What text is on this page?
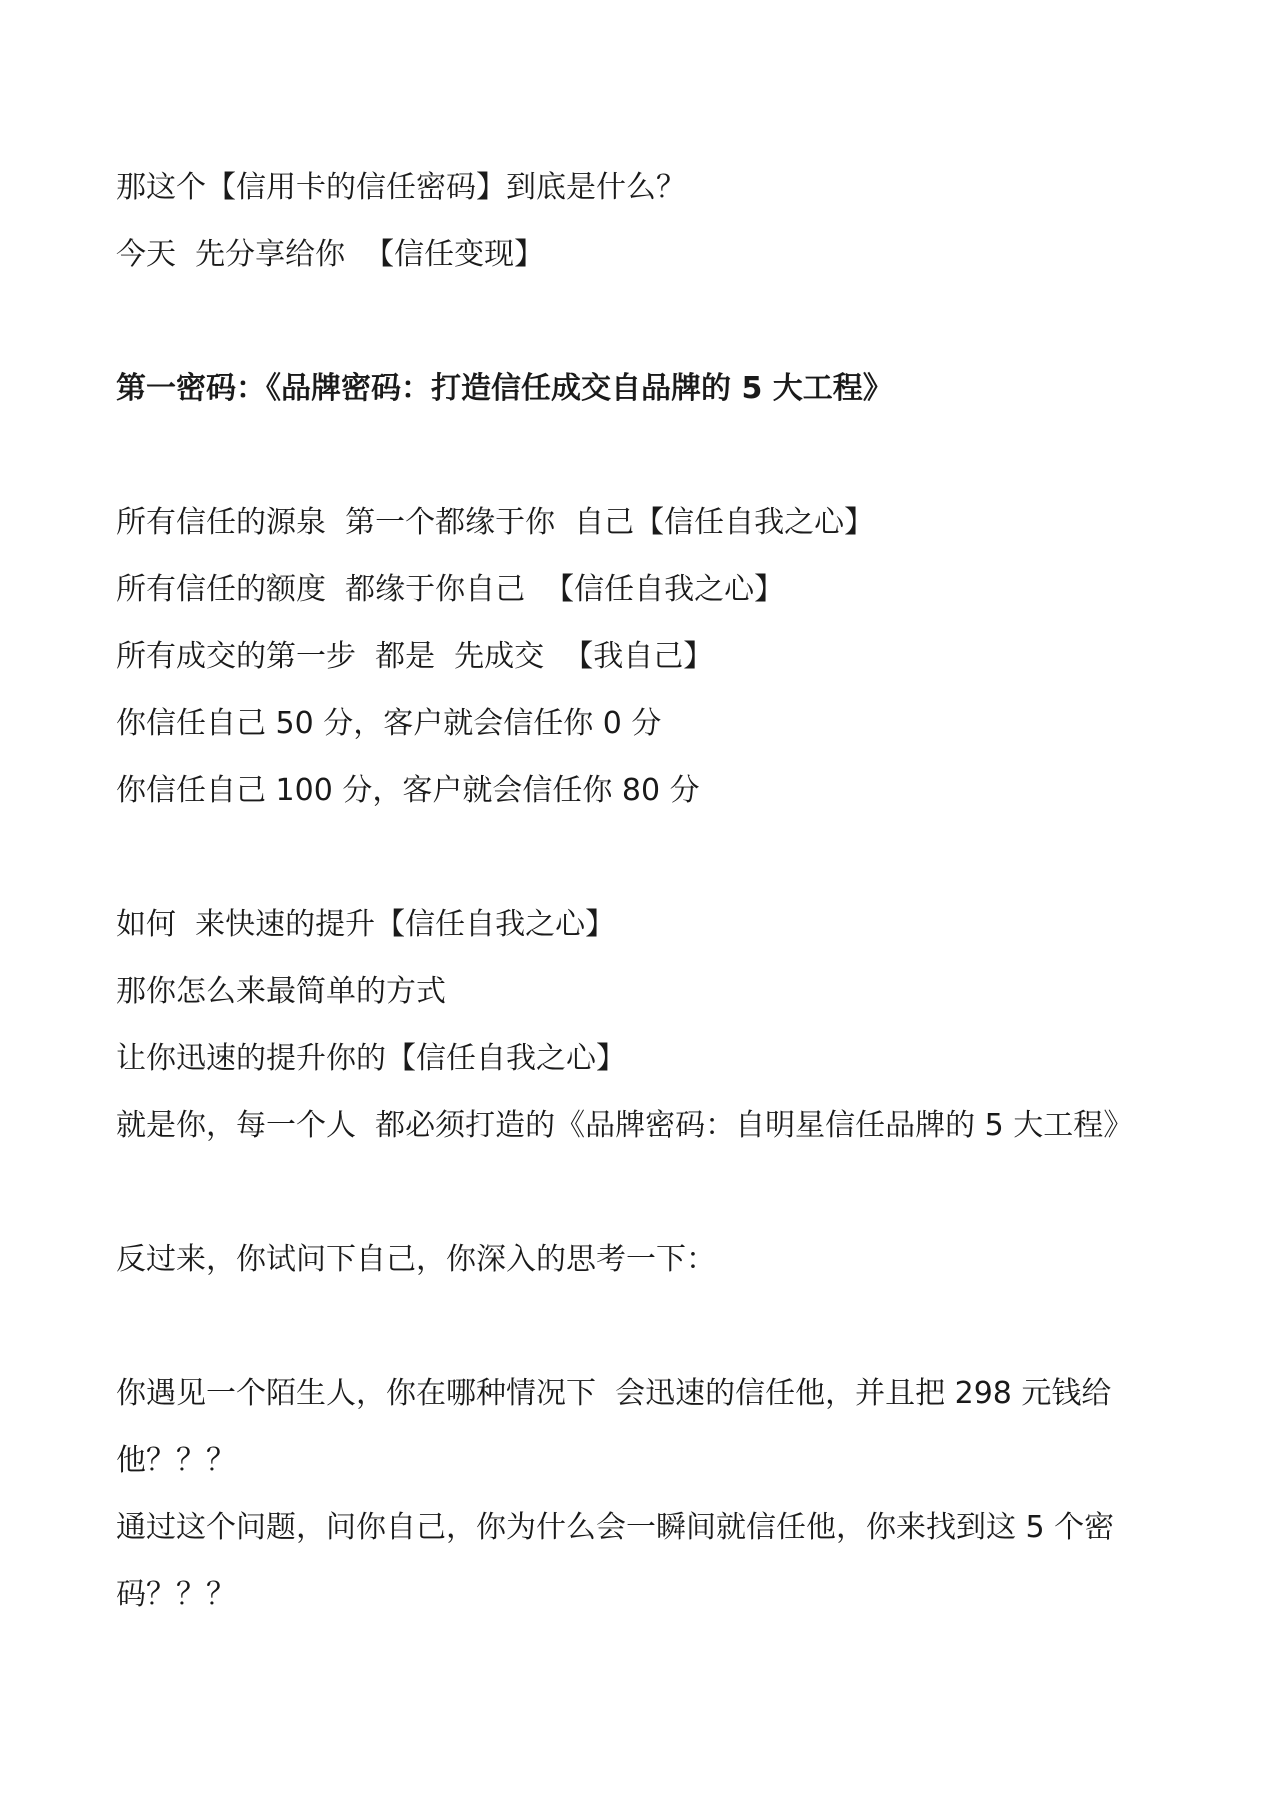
那这个【信用卡的信任密码】到底是什么？
今天  先分享给你  【信任变现】
第一密码：《品牌密码：打造信任成交自品牌的 5 大工程》
所有信任的源泉  第一个都缘于你  自己【信任自我之心】
所有信任的额度  都缘于你自己  【信任自我之心】
所有成交的第一步  都是  先成交  【我自己】
你信任自己 50 分，客户就会信任你 0 分
你信任自己 100 分，客户就会信任你 80 分
如何  来快速的提升【信任自我之心】
那你怎么来最简单的方式
让你迅速的提升你的【信任自我之心】
就是你，每一个人  都必须打造的《品牌密码：自明星信任品牌的 5 大工程》
反过来，你试问下自己，你深入的思考一下：
你遇见一个陌生人，你在哪种情况下  会迅速的信任他，并且把 298 元钱给
他？？？
通过这个问题，问你自己，你为什么会一瞬间就信任他，你来找到这 5 个密
码？？？
